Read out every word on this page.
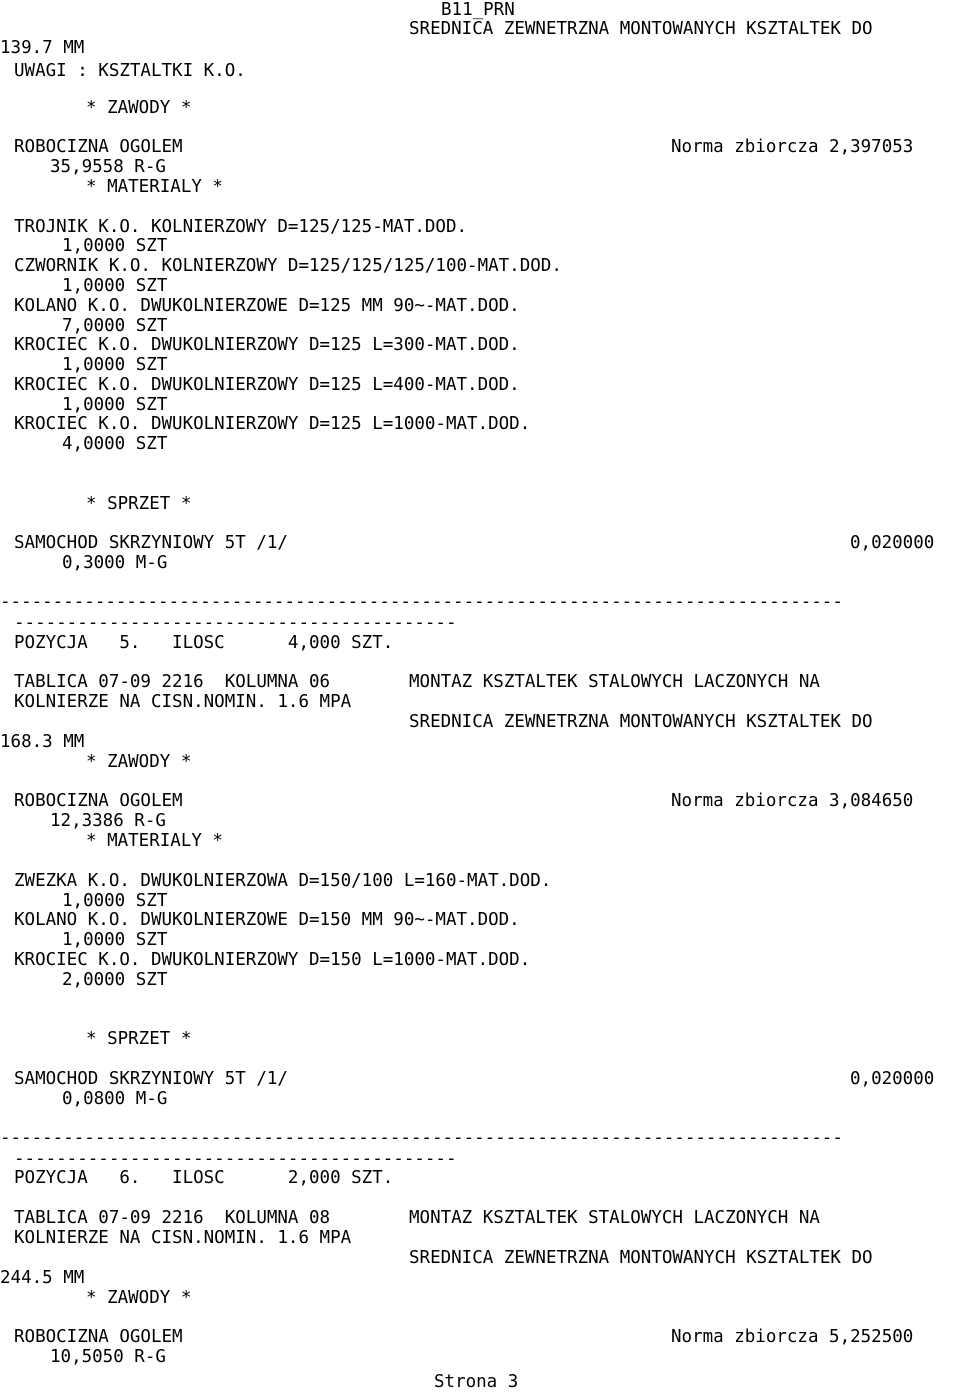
B11_PRN
SREDNICA ZEWNETRZNA MONTOWANYCH KSZTALTEK DO
139.7 MM
UWAGI : KSZTALTKI K.O.
* ZAWODY *
ROBOCIZNA OGOLEM	Norma zbiorcza 2,397053
35,9558 R-G
* MATERIALY *
TROJNIK K.O. KOLNIERZOWY D=125/125-MAT.DOD.
1,0000 SZT
CZWORNIK K.O. KOLNIERZOWY D=125/125/125/100-MAT.DOD.
1,0000 SZT
KOLANO K.O. DWUKOLNIERZOWE D=125 MM 90~-MAT.DOD.
7,0000 SZT
KROCIEC K.O. DWUKOLNIERZOWY D=125 L=300-MAT.DOD.
1,0000 SZT
KROCIEC K.O. DWUKOLNIERZOWY D=125 L=400-MAT.DOD.
1,0000 SZT
KROCIEC K.O. DWUKOLNIERZOWY D=125 L=1000-MAT.DOD.
4,0000 SZT
* SPRZET *
SAMOCHOD SKRZYNIOWY 5T /1/	0,020000
0,3000 M-G
--------------------------------------------------------------------------------
------------------------------------------
POZYCJA   5.   ILOSC      4,000 SZT.
TABLICA 07-09 2216  KOLUMNA 06	MONTAZ KSZTALTEK STALOWYCH LACZONYCH NA
KOLNIERZE NA CISN.NOMIN. 1.6 MPA
SREDNICA ZEWNETRZNA MONTOWANYCH KSZTALTEK DO
168.3 MM
* ZAWODY *
ROBOCIZNA OGOLEM	Norma zbiorcza 3,084650
12,3386 R-G
* MATERIALY *
ZWEZKA K.O. DWUKOLNIERZOWA D=150/100 L=160-MAT.DOD.
1,0000 SZT
KOLANO K.O. DWUKOLNIERZOWE D=150 MM 90~-MAT.DOD.
1,0000 SZT
KROCIEC K.O. DWUKOLNIERZOWY D=150 L=1000-MAT.DOD.
2,0000 SZT
* SPRZET *
SAMOCHOD SKRZYNIOWY 5T /1/	0,020000
0,0800 M-G
--------------------------------------------------------------------------------
------------------------------------------
POZYCJA   6.   ILOSC      2,000 SZT.
TABLICA 07-09 2216  KOLUMNA 08	MONTAZ KSZTALTEK STALOWYCH LACZONYCH NA
KOLNIERZE NA CISN.NOMIN. 1.6 MPA
SREDNICA ZEWNETRZNA MONTOWANYCH KSZTALTEK DO
244.5 MM
* ZAWODY *
ROBOCIZNA OGOLEM	Norma zbiorcza 5,252500
10,5050 R-G
Strona 3
